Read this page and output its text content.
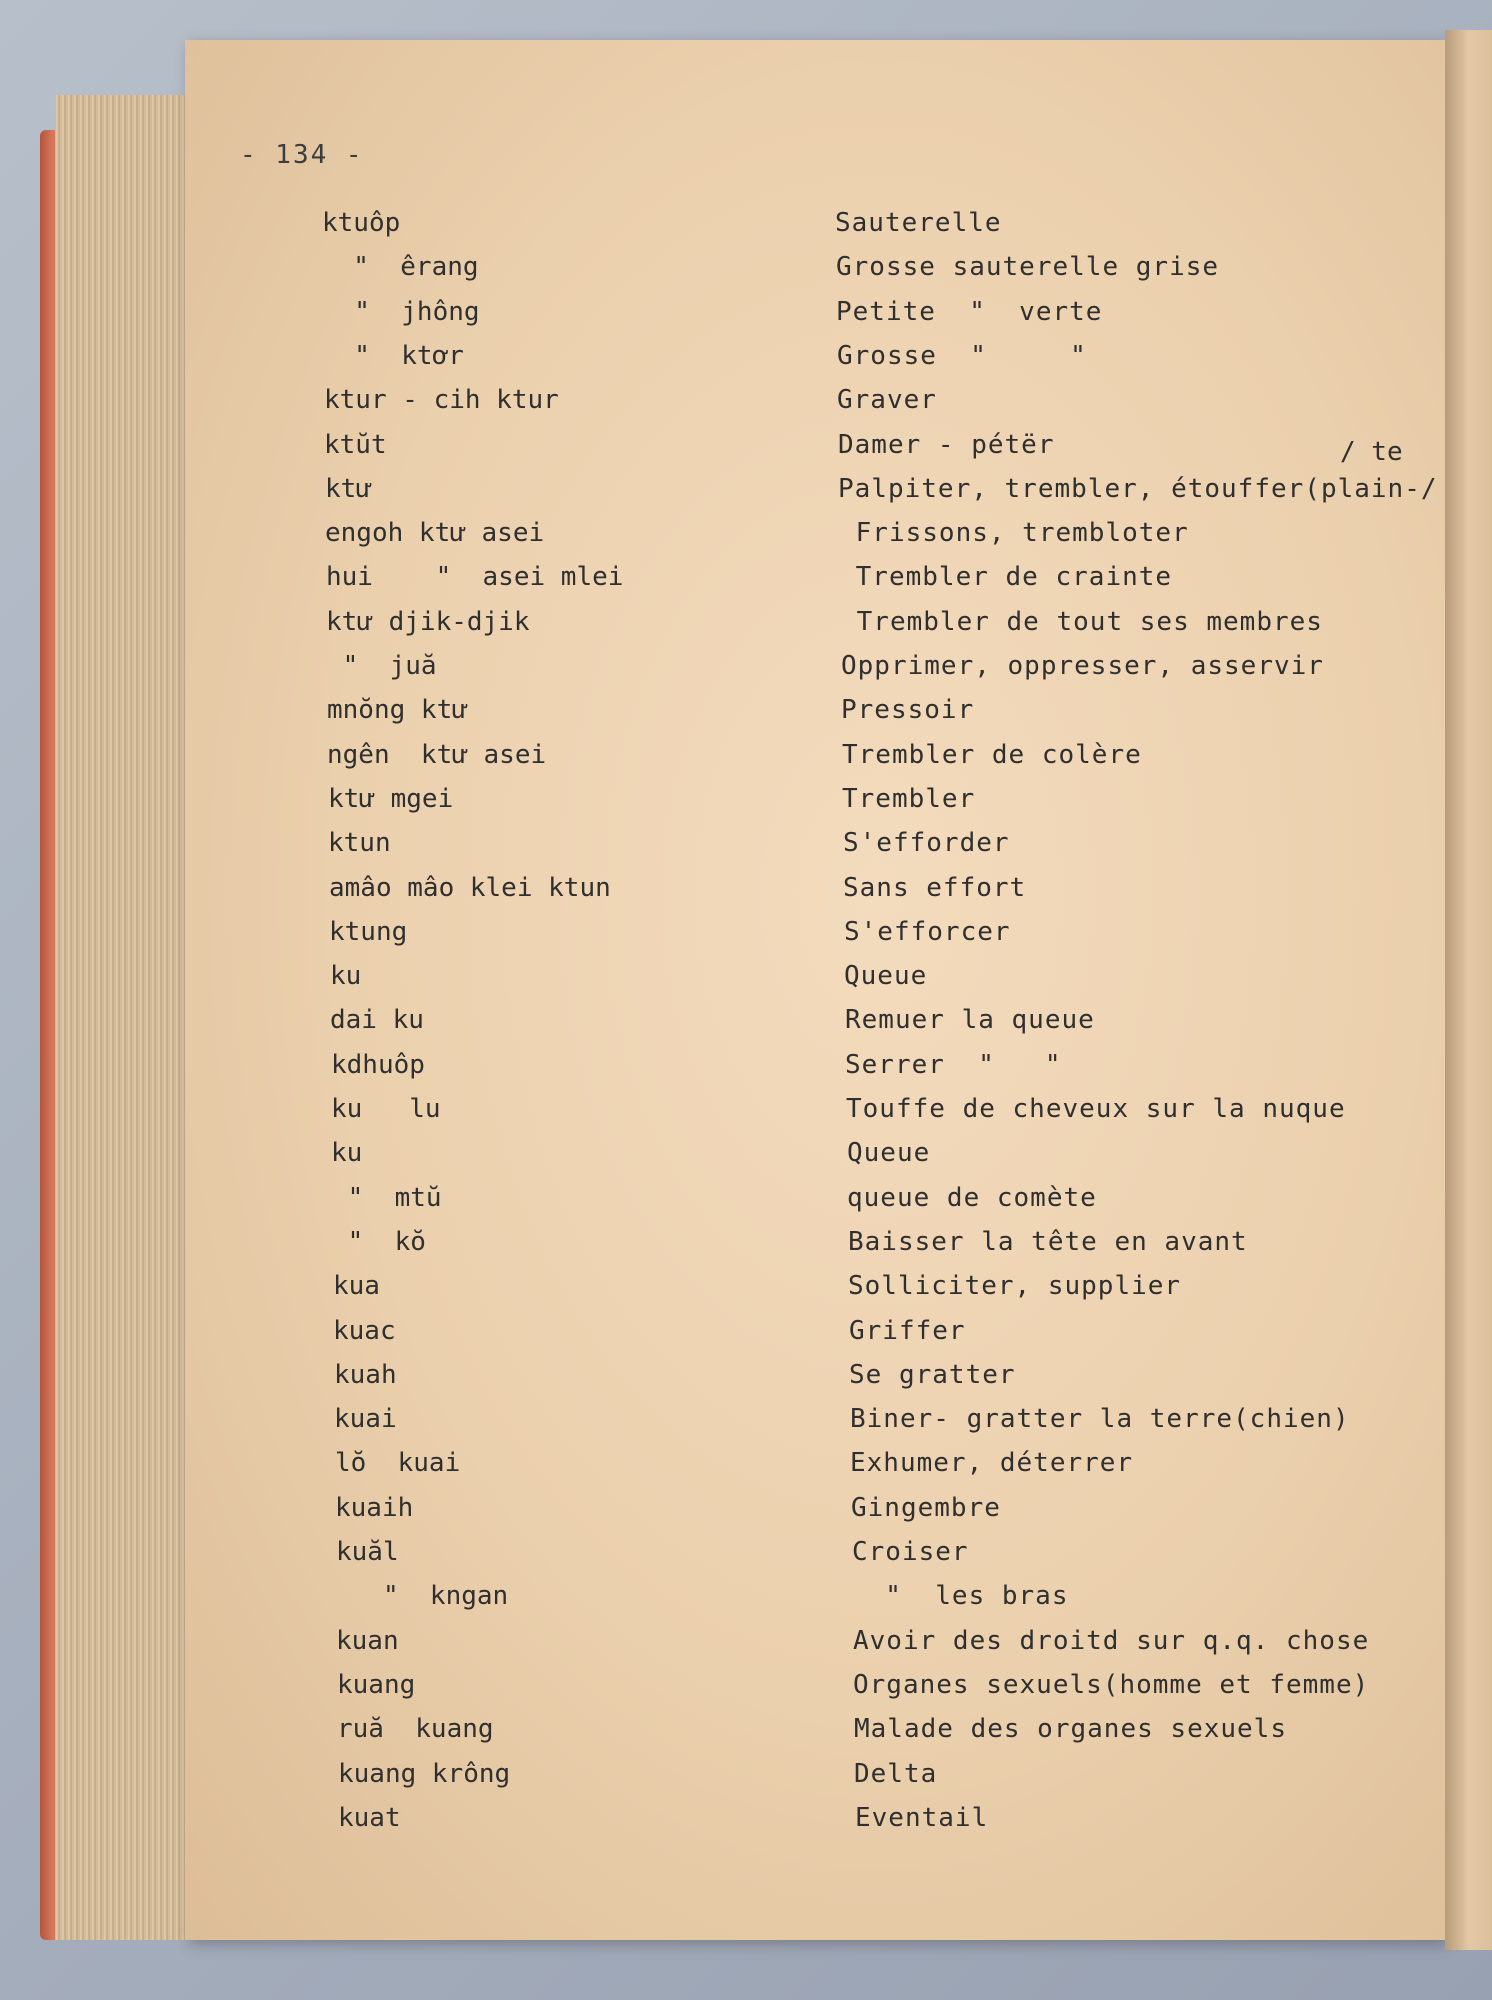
- 134 -
/ te
ktuôp	Sauterelle
"  êrang	Grosse sauterelle grise
"  jhông	Petite  "  verte
"  ktơr	Grosse  "     "
ktur - cih ktur	Graver
ktŭt	Damer - pétër
ktư	Palpiter, trembler, étouffer(plain-/
engoh ktư asei	Frissons, trembloter
hui    "  asei mlei	Trembler de crainte
ktư djik-djik	Trembler de tout ses membres
"  juă	Opprimer, oppresser, asservir
mnŏng ktư	Pressoir
ngên  ktư asei	Trembler de colère
ktư mgei	Trembler
ktun	S'efforder
amâo mâo klei ktun	Sans effort
ktung	S'efforcer
ku	Queue
dai ku	Remuer la queue
kdhuôp	Serrer  "   "
ku   lu	Touffe de cheveux sur la nuque
ku	Queue
"  mtŭ	queue de comète
"  kŏ	Baisser la tête en avant
kua	Solliciter, supplier
kuac	Griffer
kuah	Se gratter
kuai	Biner- gratter la terre(chien)
lŏ  kuai	Exhumer, déterrer
kuaih	Gingembre
kuăl	Croiser
"  kngan	"  les bras
kuan	Avoir des droitd sur q.q. chose
kuang	Organes sexuels(homme et femme)
ruă  kuang	Malade des organes sexuels
kuang krông	Delta
kuat	Eventail
